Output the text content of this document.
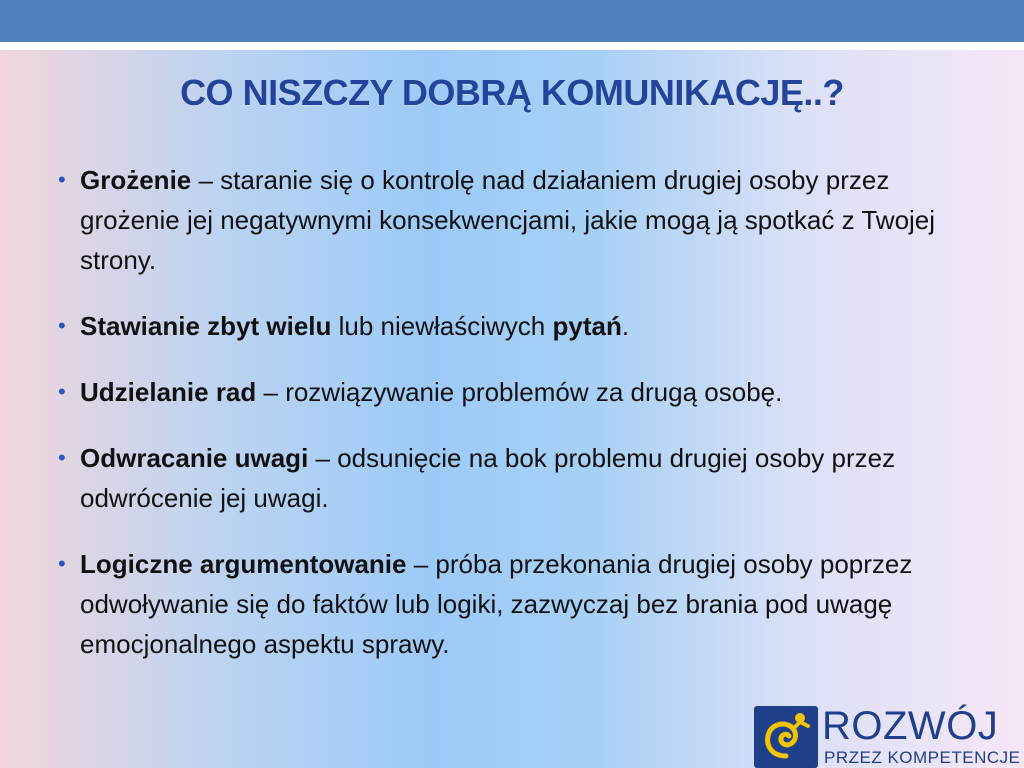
CO NISZCZY DOBRĄ KOMUNIKACJĘ..?
• Grożenie – staranie się o kontrolę nad działaniem drugiej osoby przez grożenie jej negatywnymi konsekwencjami, jakie mogą ją spotkać z Twojej strony.
• Stawianie zbyt wielu lub niewłaściwych pytań.
• Udzielanie rad – rozwiązywanie problemów za drugą osobę.
• Odwracanie uwagi – odsunięcie na bok problemu drugiej osoby przez odwrócenie jej uwagi.
• Logiczne argumentowanie – próba przekonania drugiej osoby poprzez odwoływanie się do faktów lub logiki, zazwyczaj bez brania pod uwagę emocjonalnego aspektu sprawy.
ROZWÓJ
PRZEZ KOMPETENCJE
